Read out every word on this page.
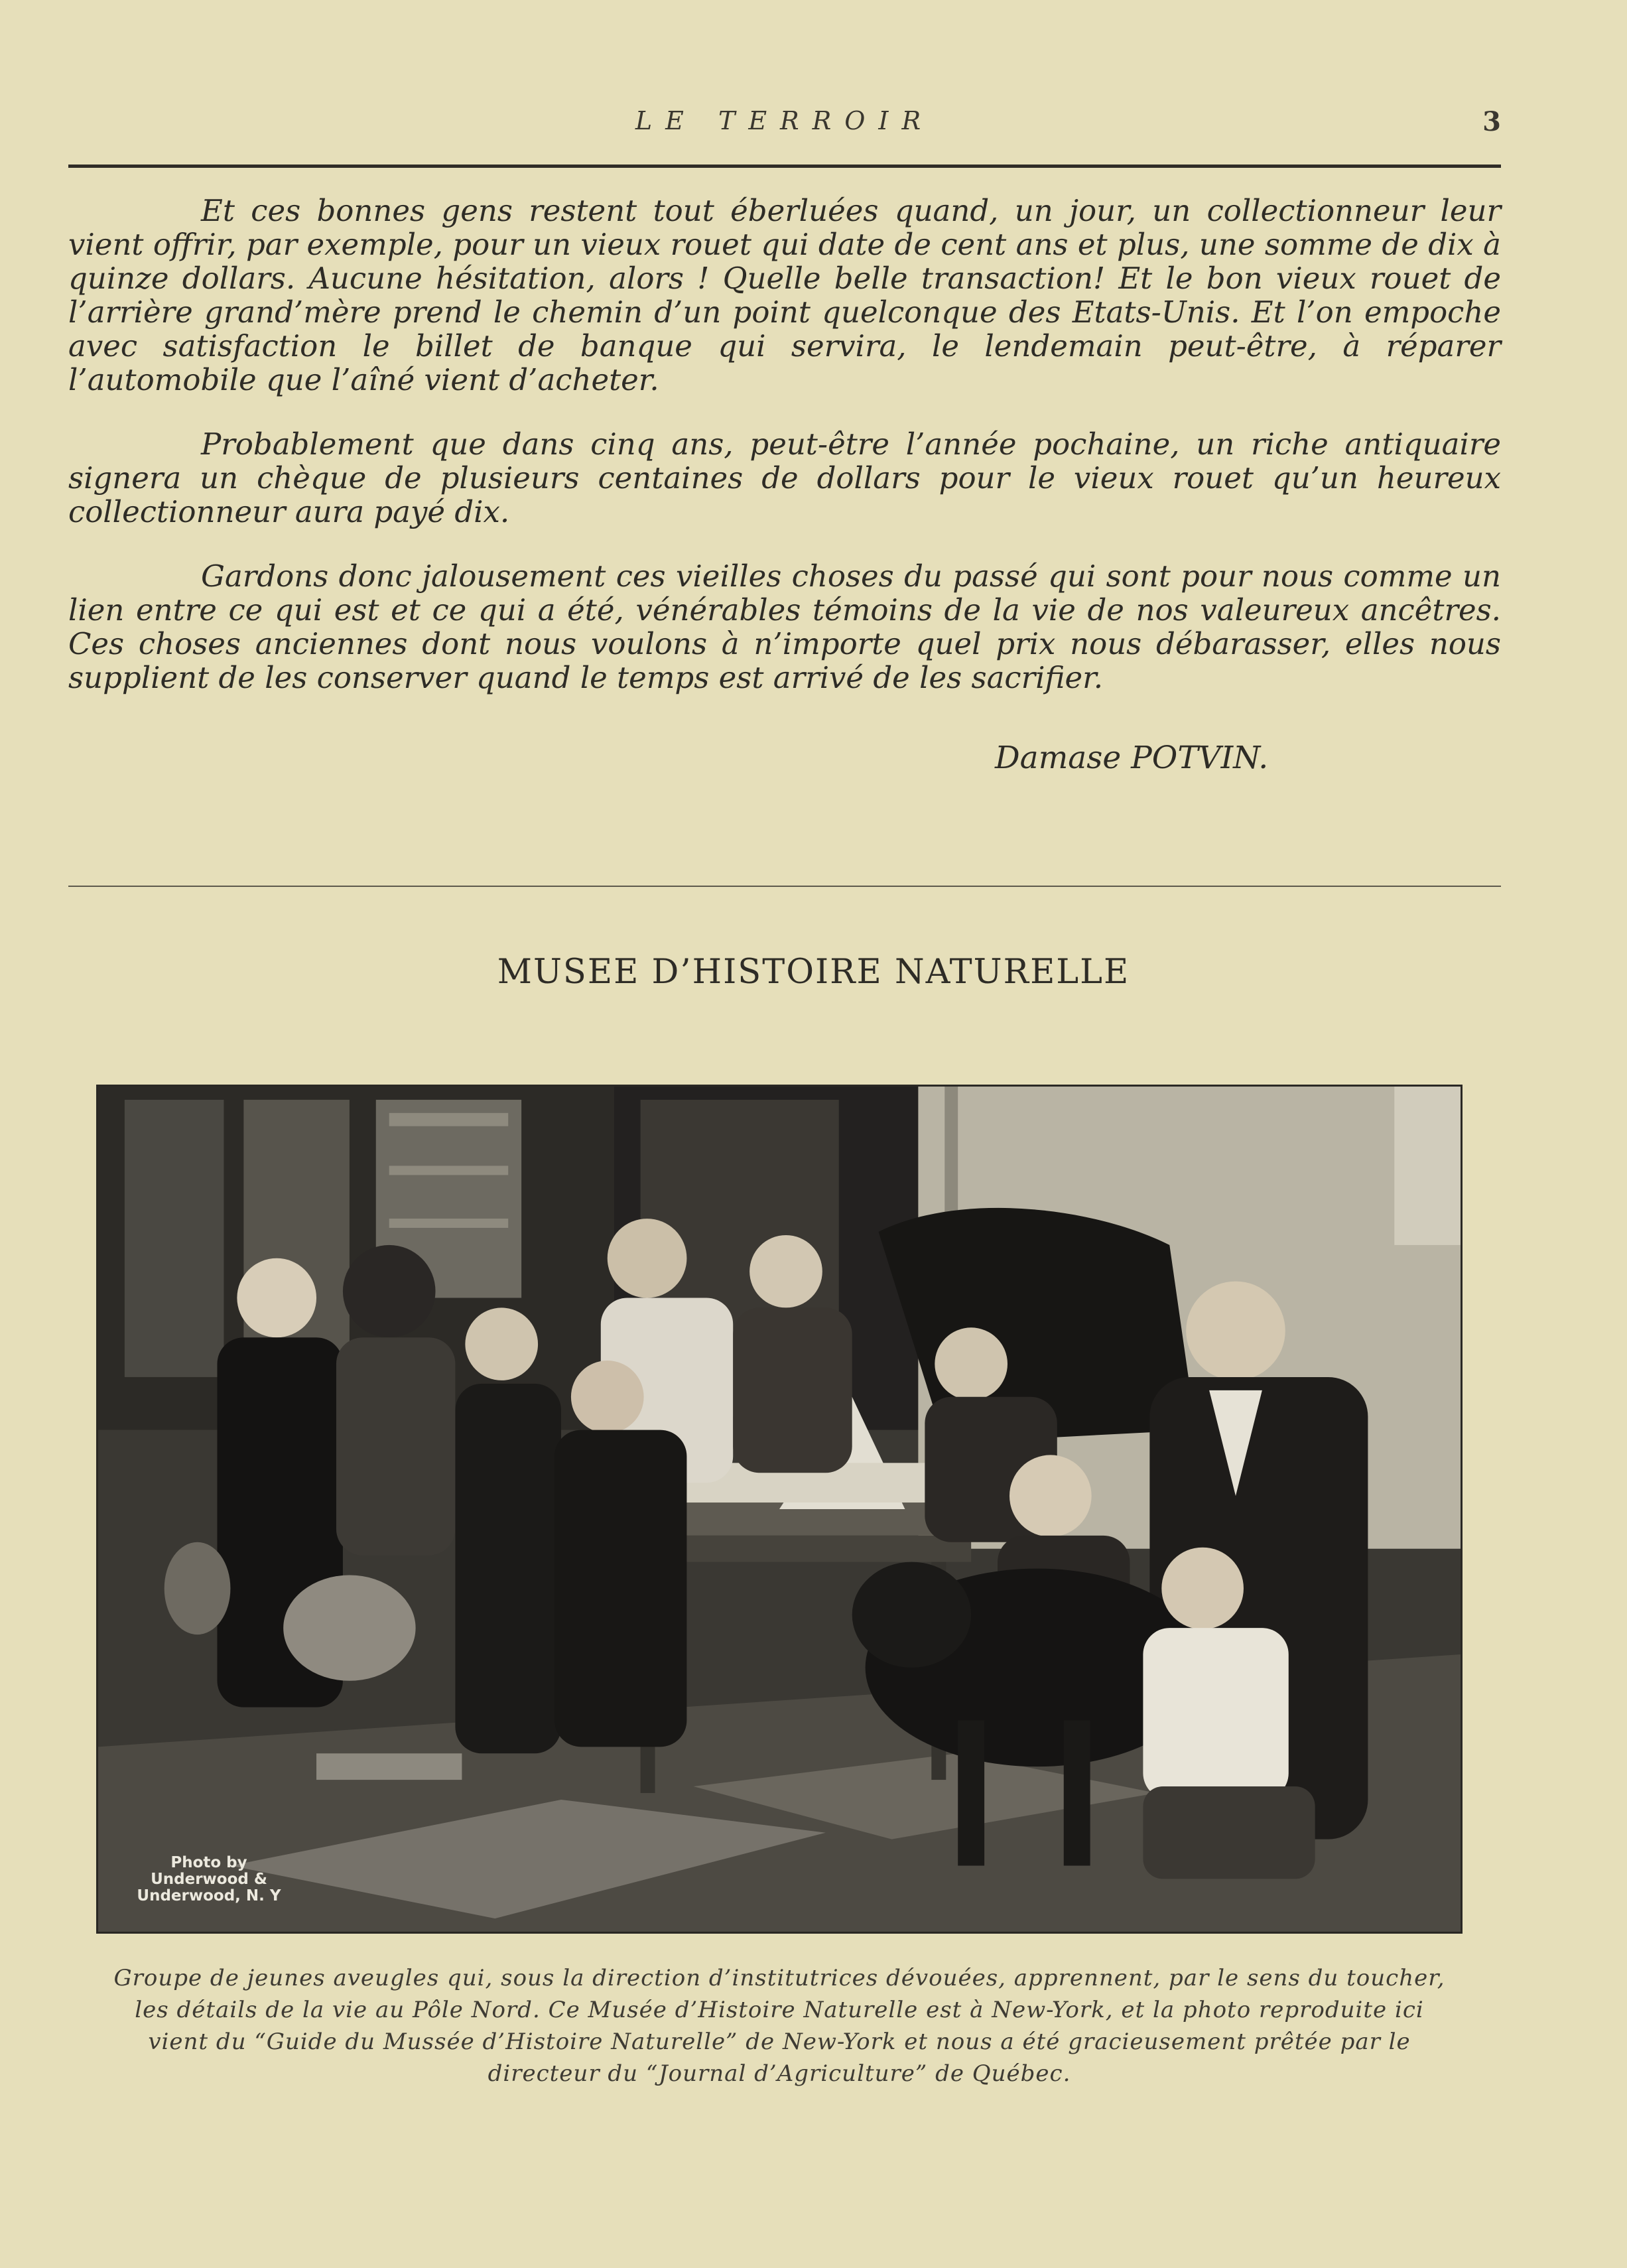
LE TERROIR	3

Et ces bonnes gens restent tout éberluées quand, un jour, un collectionneur leur vient offrir, par exemple, pour un vieux rouet qui date de cent ans et plus, une somme de dix à quinze dollars. Aucune hésitation, alors ! Quelle belle transaction! Et le bon vieux rouet de l’arrière grand’mère prend le chemin d’un point quelconque des Etats-Unis. Et l’on empoche avec satisfaction le billet de banque qui servira, le lendemain peut-être, à réparer l’automobile que l’aîné vient d’acheter.

Probablement que dans cinq ans, peut-être l’année pochaine, un riche antiquaire signera un chèque de plusieurs centaines de dollars pour le vieux rouet qu’un heureux collectionneur aura payé dix.

Gardons donc jalousement ces vieilles choses du passé qui sont pour nous comme un lien entre ce qui est et ce qui a été, vénérables témoins de la vie de nos valeureux ancêtres. Ces choses anciennes dont nous voulons à n’importe quel prix nous débarasser, elles nous supplient de les conserver quand le temps est arrivé de les sacrifier.

Damase POTVIN.
MUSEE D’HISTOIRE NATURELLE
Photo by Underwood & Underwood, N. Y
Groupe de jeunes aveugles qui, sous la direction d’institutrices dévouées, apprennent, par le sens du toucher, les détails de la vie au Pôle Nord. Ce Musée d’Histoire Naturelle est à New-York, et la photo reproduite ici vient du “Guide du Mussée d’Histoire Naturelle” de New-York et nous a été gracieusement prêtée par le directeur du “Journal d’Agriculture” de Québec.
